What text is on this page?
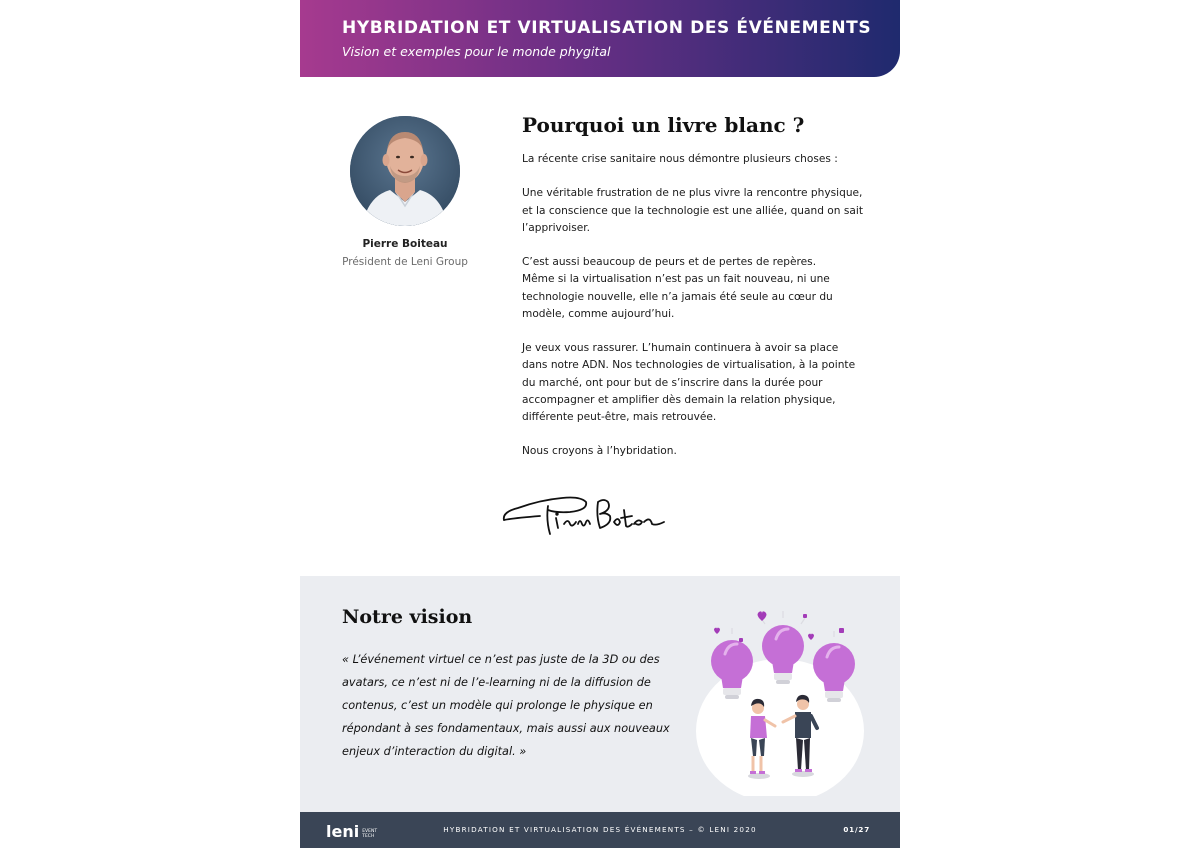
HYBRIDATION ET VIRTUALISATION DES ÉVÉNEMENTS
Vision et exemples pour le monde phygital
Pierre Boiteau
Président de Leni Group
Pourquoi un livre blanc ?

La récente crise sanitaire nous démontre plusieurs choses :

Une véritable frustration de ne plus vivre la rencontre physique, et la conscience que la technologie est une alliée, quand on sait l’apprivoiser.

C’est aussi beaucoup de peurs et de pertes de repères.
Même si la virtualisation n’est pas un fait nouveau, ni une technologie nouvelle, elle n’a jamais été seule au cœur du modèle, comme aujourd’hui.

Je veux vous rassurer. L’humain continuera à avoir sa place dans notre ADN. Nos technologies de virtualisation, à la pointe du marché, ont pour but de s’inscrire dans la durée pour accompagner et amplifier dès demain la relation physique, différente peut-être, mais retrouvée.

Nous croyons à l’hybridation.

Notre vision
« L’événement virtuel ce n’est pas juste de la 3D ou des avatars, ce n’est ni de l’e-learning ni de la diffusion de contenus, c’est un modèle qui prolonge le physique en répondant à ses fondamentaux, mais aussi aux nouveaux enjeux d’interaction du digital. »
leni EVENT
TECH
HYBRIDATION ET VIRTUALISATION DES ÉVÉNEMENTS – © LENI 2020	01/27
